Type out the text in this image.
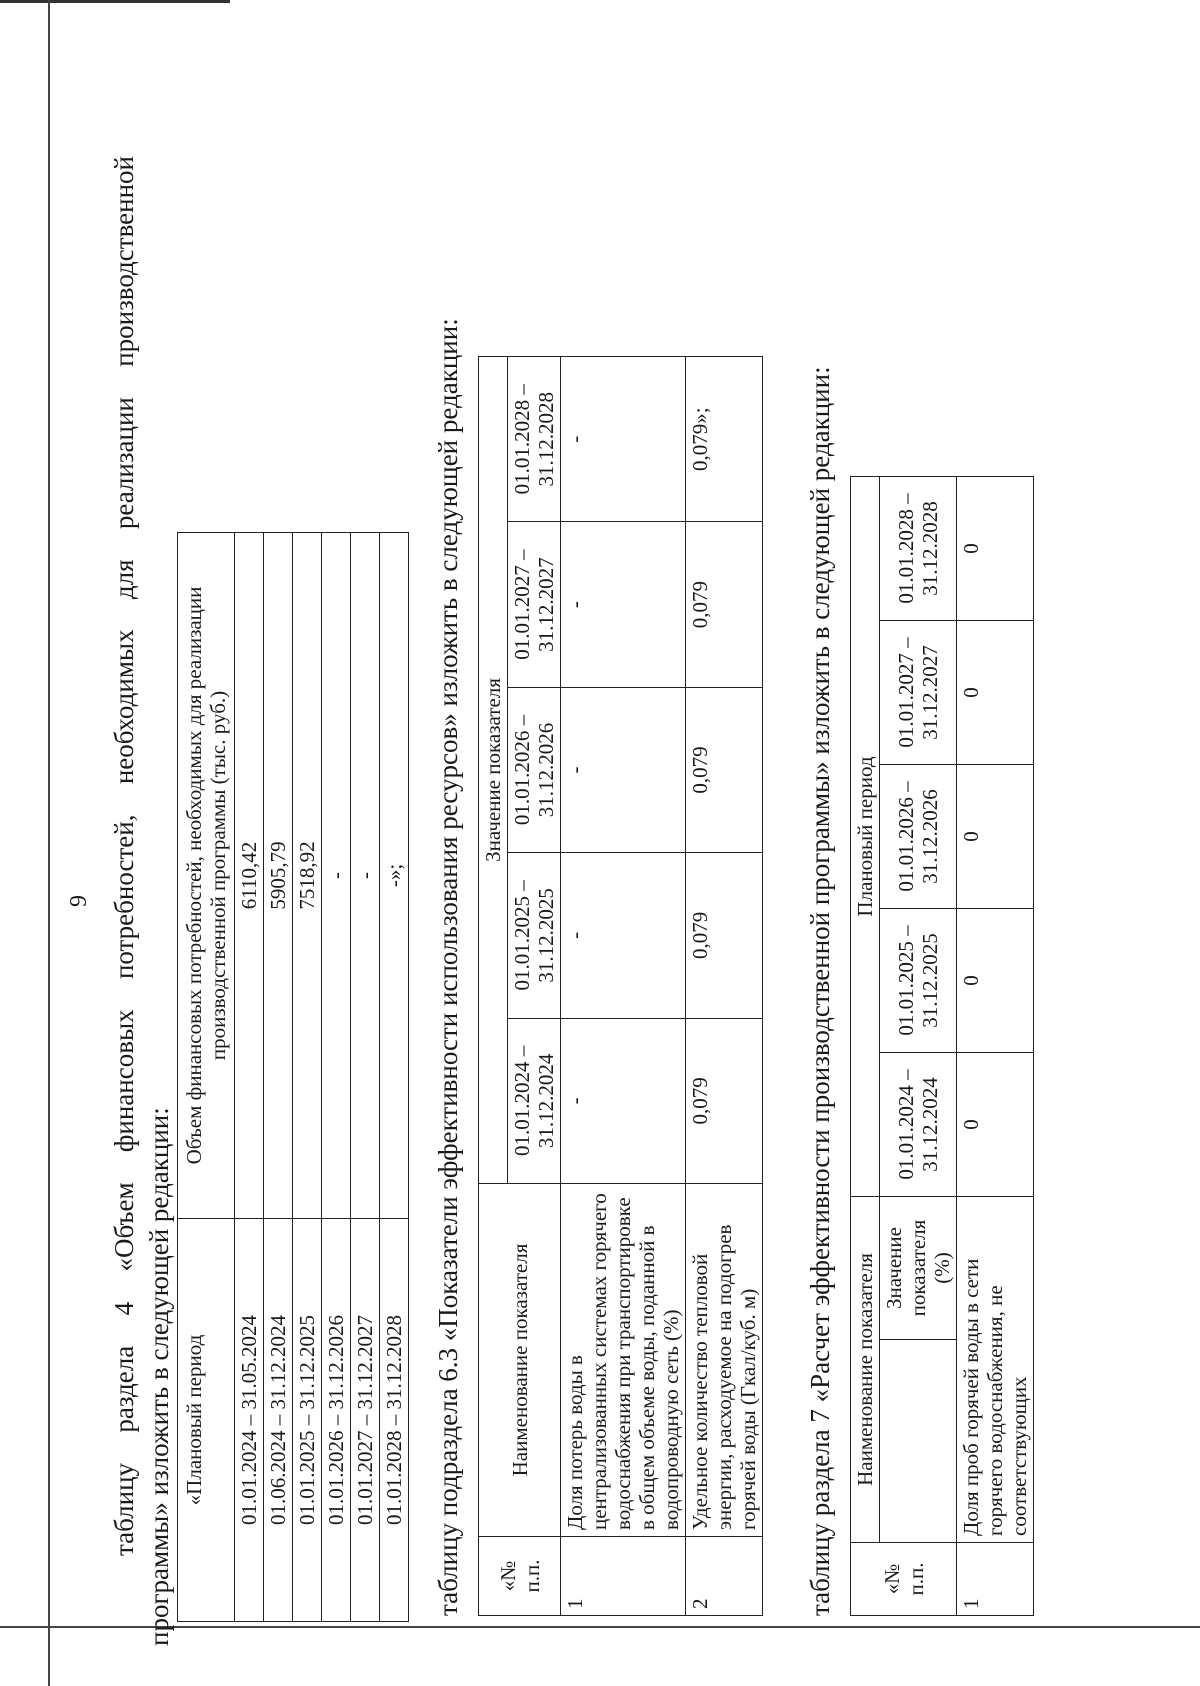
9 таблицу раздела 4 «Объем финансовых потребностей, необходимых для реализации производственной программы» изложить в следующей редакции: «Плановый период	Объем финансовых потребностей, необходимых для реализации производственной программы (тыс. руб.)
01.01.2024 – 31.05.2024	6110,42
01.06.2024 – 31.12.2024	5905,79
01.01.2025 – 31.12.2025	7518,92
01.01.2026 – 31.12.2026	-
01.01.2027 – 31.12.2027	-
01.01.2028 – 31.12.2028	-»; таблицу подраздела 6.3 «Показатели эффективности использования ресурсов» изложить в следующей редакции: «№ п.п.	Наименование показателя	Значение показателя				
		01.01.2024 – 31.12.2024	01.01.2025 – 31.12.2025	01.01.2026 – 31.12.2026	01.01.2027 – 31.12.2027	01.01.2028 – 31.12.2028
1	Доля потерь воды в централизованных системах горячего водоснабжения при транспортировке в общем объеме воды, поданной в водопроводную сеть (%)	-	-	-	-	-
2	Удельное количество тепловой энергии, расходуемое на подогрев горячей воды (Гкал/куб. м)	0,079	0,079	0,079	0,079	0,079»;	таблицу раздела 7 «Расчет эффективности производственной программы» изложить в следующей редакции: «№ п.п.	Наименование показателя		Плановый период				
		Значение показателя (%)	01.01.2024 – 31.12.2024	01.01.2025 – 31.12.2025	01.01.2026 – 31.12.2026	01.01.2027 – 31.12.2027	01.01.2028 – 31.12.2028
1	Доля проб горячей воды в сети горячего водоснабжения, не соответствующих		0	0	0	0	0
